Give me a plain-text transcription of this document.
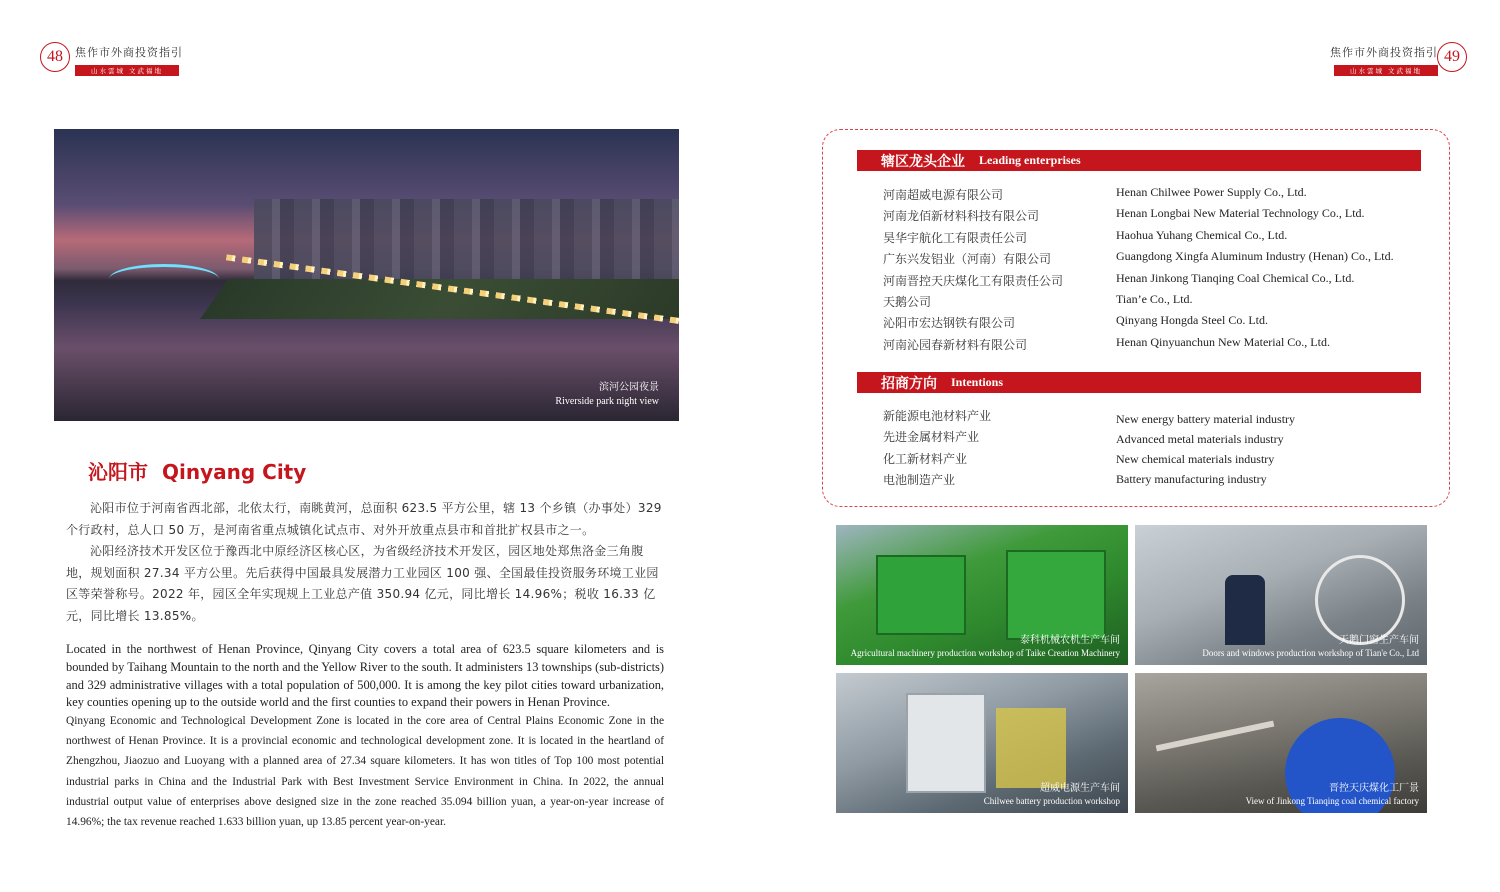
48	焦作市外商投资指引
山水雲城 文武福地
焦作市外商投资指引
山水雲城 文武福地
49
滨河公园夜景
Riverside park night view
沁阳市 Qinyang City

沁阳市位于河南省西北部，北依太行，南眺黄河，总面积 623.5 平方公里，辖 13 个乡镇（办事处）329 个行政村，总人口 50 万，是河南省重点城镇化试点市、对外开放重点县市和首批扩权县市之一。

沁阳经济技术开发区位于豫西北中原经济区核心区，为省级经济技术开发区，园区地处郑焦洛金三角腹地，规划面积 27.34 平方公里。先后获得中国最具发展潜力工业园区 100 强、全国最佳投资服务环境工业园区等荣誉称号。2022 年，园区全年实现规上工业总产值 350.94 亿元，同比增长 14.96%；税收 16.33 亿元，同比增长 13.85%。

Located in the northwest of Henan Province, Qinyang City covers a total area of 623.5 square kilometers and is bounded by Taihang Mountain to the north and the Yellow River to the south. It administers 13 townships (sub-districts) and 329 administrative villages with a total population of 500,000. It is among the key pilot cities toward urbanization, key counties opening up to the outside world and the first counties to expand their powers in Henan Province.

Qinyang Economic and Technological Development Zone is located in the core area of Central Plains Economic Zone in the northwest of Henan Province. It is a provincial economic and technological development zone. It is located in the heartland of Zhengzhou, Jiaozuo and Luoyang with a planned area of 27.34 square kilometers. It has won titles of Top 100 most potential industrial parks in China and the Industrial Park with Best Investment Service Environment in China. In 2022, the annual industrial output value of enterprises above designed size in the zone reached 35.094 billion yuan, a year-on-year increase of 14.96%; the tax revenue reached 1.633 billion yuan, up 13.85 percent year-on-year.

辖区龙头企业 Leading enterprises
河南超威电源有限公司
河南龙佰新材料科技有限公司
昊华宇航化工有限责任公司
广东兴发铝业（河南）有限公司
河南晋控天庆煤化工有限责任公司
天鹅公司
沁阳市宏达钢铁有限公司
河南沁园春新材料有限公司
Henan Chilwee Power Supply Co., Ltd.
Henan Longbai New Material Technology Co., Ltd.
Haohua Yuhang Chemical Co., Ltd.
Guangdong Xingfa Aluminum Industry (Henan) Co., Ltd.
Henan Jinkong Tianqing Coal Chemical Co., Ltd.
Tian’e Co., Ltd.
Qinyang Hongda Steel Co. Ltd.
Henan Qinyuanchun New Material Co., Ltd.
招商方向 Intentions
新能源电池材料产业
先进金属材料产业
化工新材料产业
电池制造产业
New energy battery material industry
Advanced metal materials industry
New chemical materials industry
Battery manufacturing industry
泰科机械农机生产车间
Agricultural machinery production workshop of Taike Creation Machinery
天鹅门窗生产车间
Doors and windows production workshop of Tian'e Co., Ltd
超威电源生产车间
Chilwee battery production workshop
晋控天庆煤化工厂景
View of Jinkong Tianqing coal chemical factory
